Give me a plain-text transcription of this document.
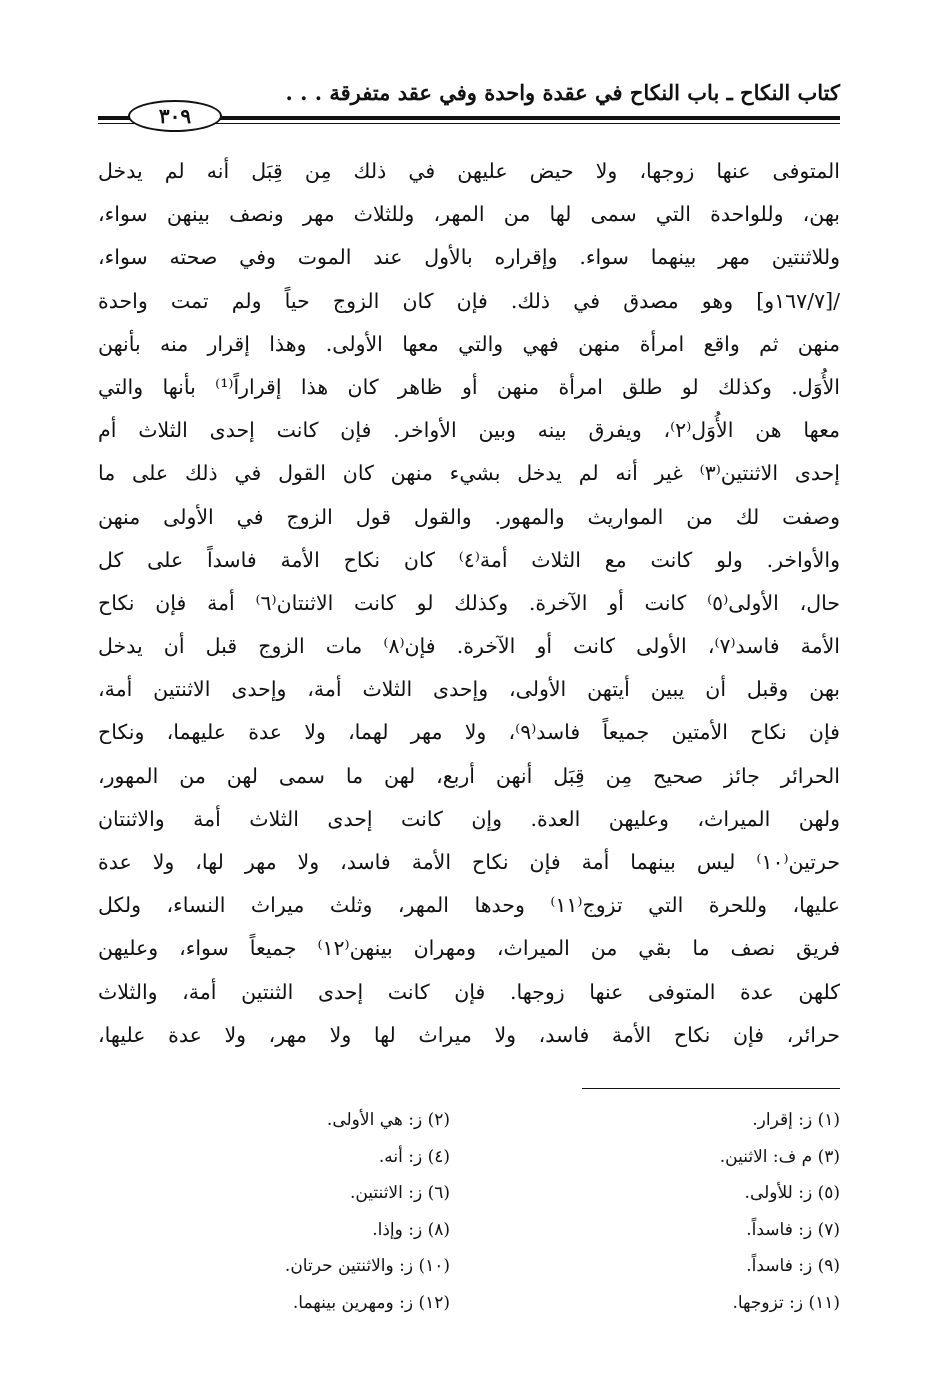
كتاب النكاح ـ باب النكاح في عقدة واحدة وفي عقد متفرقة . . .
٣٠٩
المتوفى عنها زوجها، ولا حيض عليهن في ذلك مِن قِبَل أنه لم يدخل
بهن، وللواحدة التي سمى لها من المهر، وللثلاث مهر ونصف بينهن سواء،
وللاثنتين مهر بينهما سواء. وإقراره بالأول عند الموت وفي صحته سواء،
/[١٦٧/٧و] وهو مصدق في ذلك. فإن كان الزوج حياً ولم تمت واحدة
منهن ثم واقع امرأة منهن فهي والتي معها الأولى. وهذا إقرار منه بأنهن
الأُوَل. وكذلك لو طلق امرأة منهن أو ظاهر كان هذا إقراراً⁽¹⁾ بأنها والتي
معها هن الأُوَل⁽٢⁾، ويفرق بينه وبين الأواخر. فإن كانت إحدى الثلاث أم
إحدى الاثنتين⁽٣⁾ غير أنه لم يدخل بشيء منهن كان القول في ذلك على ما
وصفت لك من المواريث والمهور. والقول قول الزوج في الأولى منهن
والأواخر. ولو كانت مع الثلاث أمة⁽٤⁾ كان نكاح الأمة فاسداً على كل
حال، الأولى⁽٥⁾ كانت أو الآخرة. وكذلك لو كانت الاثنتان⁽٦⁾ أمة فإن نكاح
الأمة فاسد⁽٧⁾، الأولى كانت أو الآخرة. فإن⁽٨⁾ مات الزوج قبل أن يدخل
بهن وقبل أن يبين أيتهن الأولى، وإحدى الثلاث أمة، وإحدى الاثنتين أمة،
فإن نكاح الأمتين جميعاً فاسد⁽٩⁾، ولا مهر لهما، ولا عدة عليهما، ونكاح
الحرائر جائز صحيح مِن قِبَل أنهن أربع، لهن ما سمى لهن من المهور،
ولهن الميراث، وعليهن العدة. وإن كانت إحدى الثلاث أمة والاثنتان
حرتين⁽١٠⁾ ليس بينهما أمة فإن نكاح الأمة فاسد، ولا مهر لها، ولا عدة
عليها، وللحرة التي تزوج⁽١١⁾ وحدها المهر، وثلث ميراث النساء، ولكل
فريق نصف ما بقي من الميراث، ومهران بينهن⁽١٢⁾ جميعاً سواء، وعليهن
كلهن عدة المتوفى عنها زوجها. فإن كانت إحدى الثنتين أمة، والثلاث
حرائر، فإن نكاح الأمة فاسد، ولا ميراث لها ولا مهر، ولا عدة عليها،
(١) ز: إقرار.
(٣) م ف: الاثنين.
(٥) ز: للأولى.
(٧) ز: فاسداً.
(٩) ز: فاسداً.
(١١) ز: تزوجها.
(٢) ز: هي الأولى.
(٤) ز: أنه.
(٦) ز: الاثنتين.
(٨) ز: وإذا.
(١٠) ز: والاثنتين حرتان.
(١٢) ز: ومهرين بينهما.
